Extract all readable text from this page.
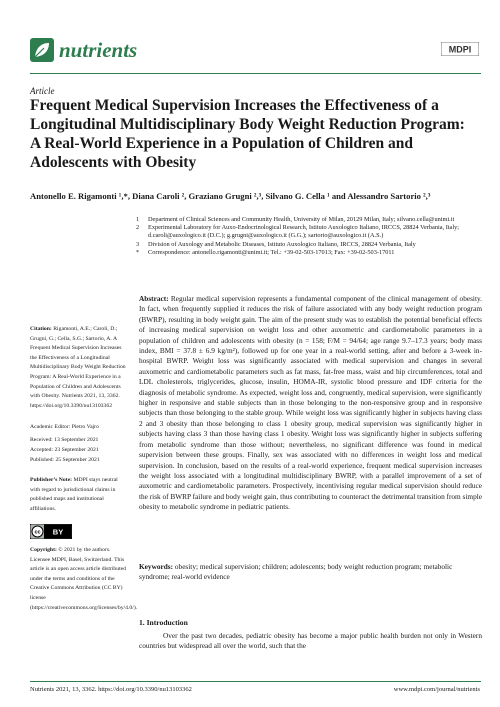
nutrients	MDPI
Article
Frequent Medical Supervision Increases the Effectiveness of a Longitudinal Multidisciplinary Body Weight Reduction Program: A Real-World Experience in a Population of Children and Adolescents with Obesity
Antonello E. Rigamonti ¹,*, Diana Caroli ², Graziano Grugni ²,³, Silvano G. Cella ¹ and Alessandro Sartorio ²,³
1 Department of Clinical Sciences and Community Health, University of Milan, 20129 Milan, Italy; silvano.cella@unimi.it
2 Experimental Laboratory for Auxo-Endocrinological Research, Istituto Auxologico Italiano, IRCCS, 28824 Verbania, Italy; d.caroli@auxologico.it (D.C.); g.grugni@auxologico.it (G.G.); sartorio@auxologico.it (A.S.)
3 Division of Auxology and Metabolic Diseases, Istituto Auxologico Italiano, IRCCS, 28824 Verbania, Italy
* Correspondence: antonello.rigamonti@unimi.it; Tel.: +39-02-503-17013; Fax: +39-02-503-17011
Abstract: Regular medical supervision represents a fundamental component of the clinical management of obesity. In fact, when frequently supplied it reduces the risk of failure associated with any body weight reduction program (BWRP), resulting in body weight gain. The aim of the present study was to establish the potential beneficial effects of increasing medical supervision on weight loss and other auxometric and cardiometabolic parameters in a population of children and adolescents with obesity (n = 158; F/M = 94/64; age range 9.7–17.3 years; body mass index, BMI = 37.8 ± 6.9 kg/m²), followed up for one year in a real-world setting, after and before a 3-week in-hospital BWRP. Weight loss was significantly associated with medical supervision and changes in several auxometric and cardiometabolic parameters such as fat mass, fat-free mass, waist and hip circumferences, total and LDL cholesterols, triglycerides, glucose, insulin, HOMA-IR, systolic blood pressure and IDF criteria for the diagnosis of metabolic syndrome. As expected, weight loss and, congruently, medical supervision, were significantly higher in responsive and stable subjects than in those belonging to the non-responsive group and in responsive subjects than those belonging to the stable group. While weight loss was significantly higher in subjects having class 2 and 3 obesity than those belonging to class 1 obesity group, medical supervision was significantly higher in subjects having class 3 than those having class 1 obesity. Weight loss was significantly higher in subjects suffering from metabolic syndrome than those without; nevertheless, no significant difference was found in medical supervision between these groups. Finally, sex was associated with no differences in weight loss and medical supervision. In conclusion, based on the results of a real-world experience, frequent medical supervision increases the weight loss associated with a longitudinal multidisciplinary BWRP, with a parallel improvement of a set of auxometric and cardiometabolic parameters. Prospectively, incentivising regular medical supervision should reduce the risk of BWRP failure and body weight gain, thus contributing to counteract the detrimental transition from simple obesity to metabolic syndrome in pediatric patients.
Keywords: obesity; medical supervision; children; adolescents; body weight reduction program; metabolic syndrome; real-world evidence
Citation: Rigamonti, A.E.; Caroli, D.; Grugni, G.; Cella, S.G.; Sartorio, A. A Frequent Medical Supervision Increases the Effectiveness of a Longitudinal Multidisciplinary Body Weight Reduction Program: A Real-World Experience in a Population of Children and Adolescents with Obesity. Nutrients 2021, 13, 3362. https://doi.org/10.3390/nu13103362
Academic Editor: Pietro Vajro
Received: 13 September 2021
Accepted: 23 September 2021
Published: 25 September 2021
Publisher’s Note: MDPI stays neutral with regard to jurisdictional claims in published maps and institutional affiliations.
cc BY
Copyright: © 2021 by the authors. Licensee MDPI, Basel, Switzerland. This article is an open access article distributed under the terms and conditions of the Creative Commons Attribution (CC BY) license (https://creativecommons.org/licenses/by/4.0/).
1. Introduction
Over the past two decades, pediatric obesity has become a major public health burden not only in Western countries but widespread all over the world, such that the
Nutrients 2021, 13, 3362. https://doi.org/10.3390/nu13103362	www.mdpi.com/journal/nutrients
